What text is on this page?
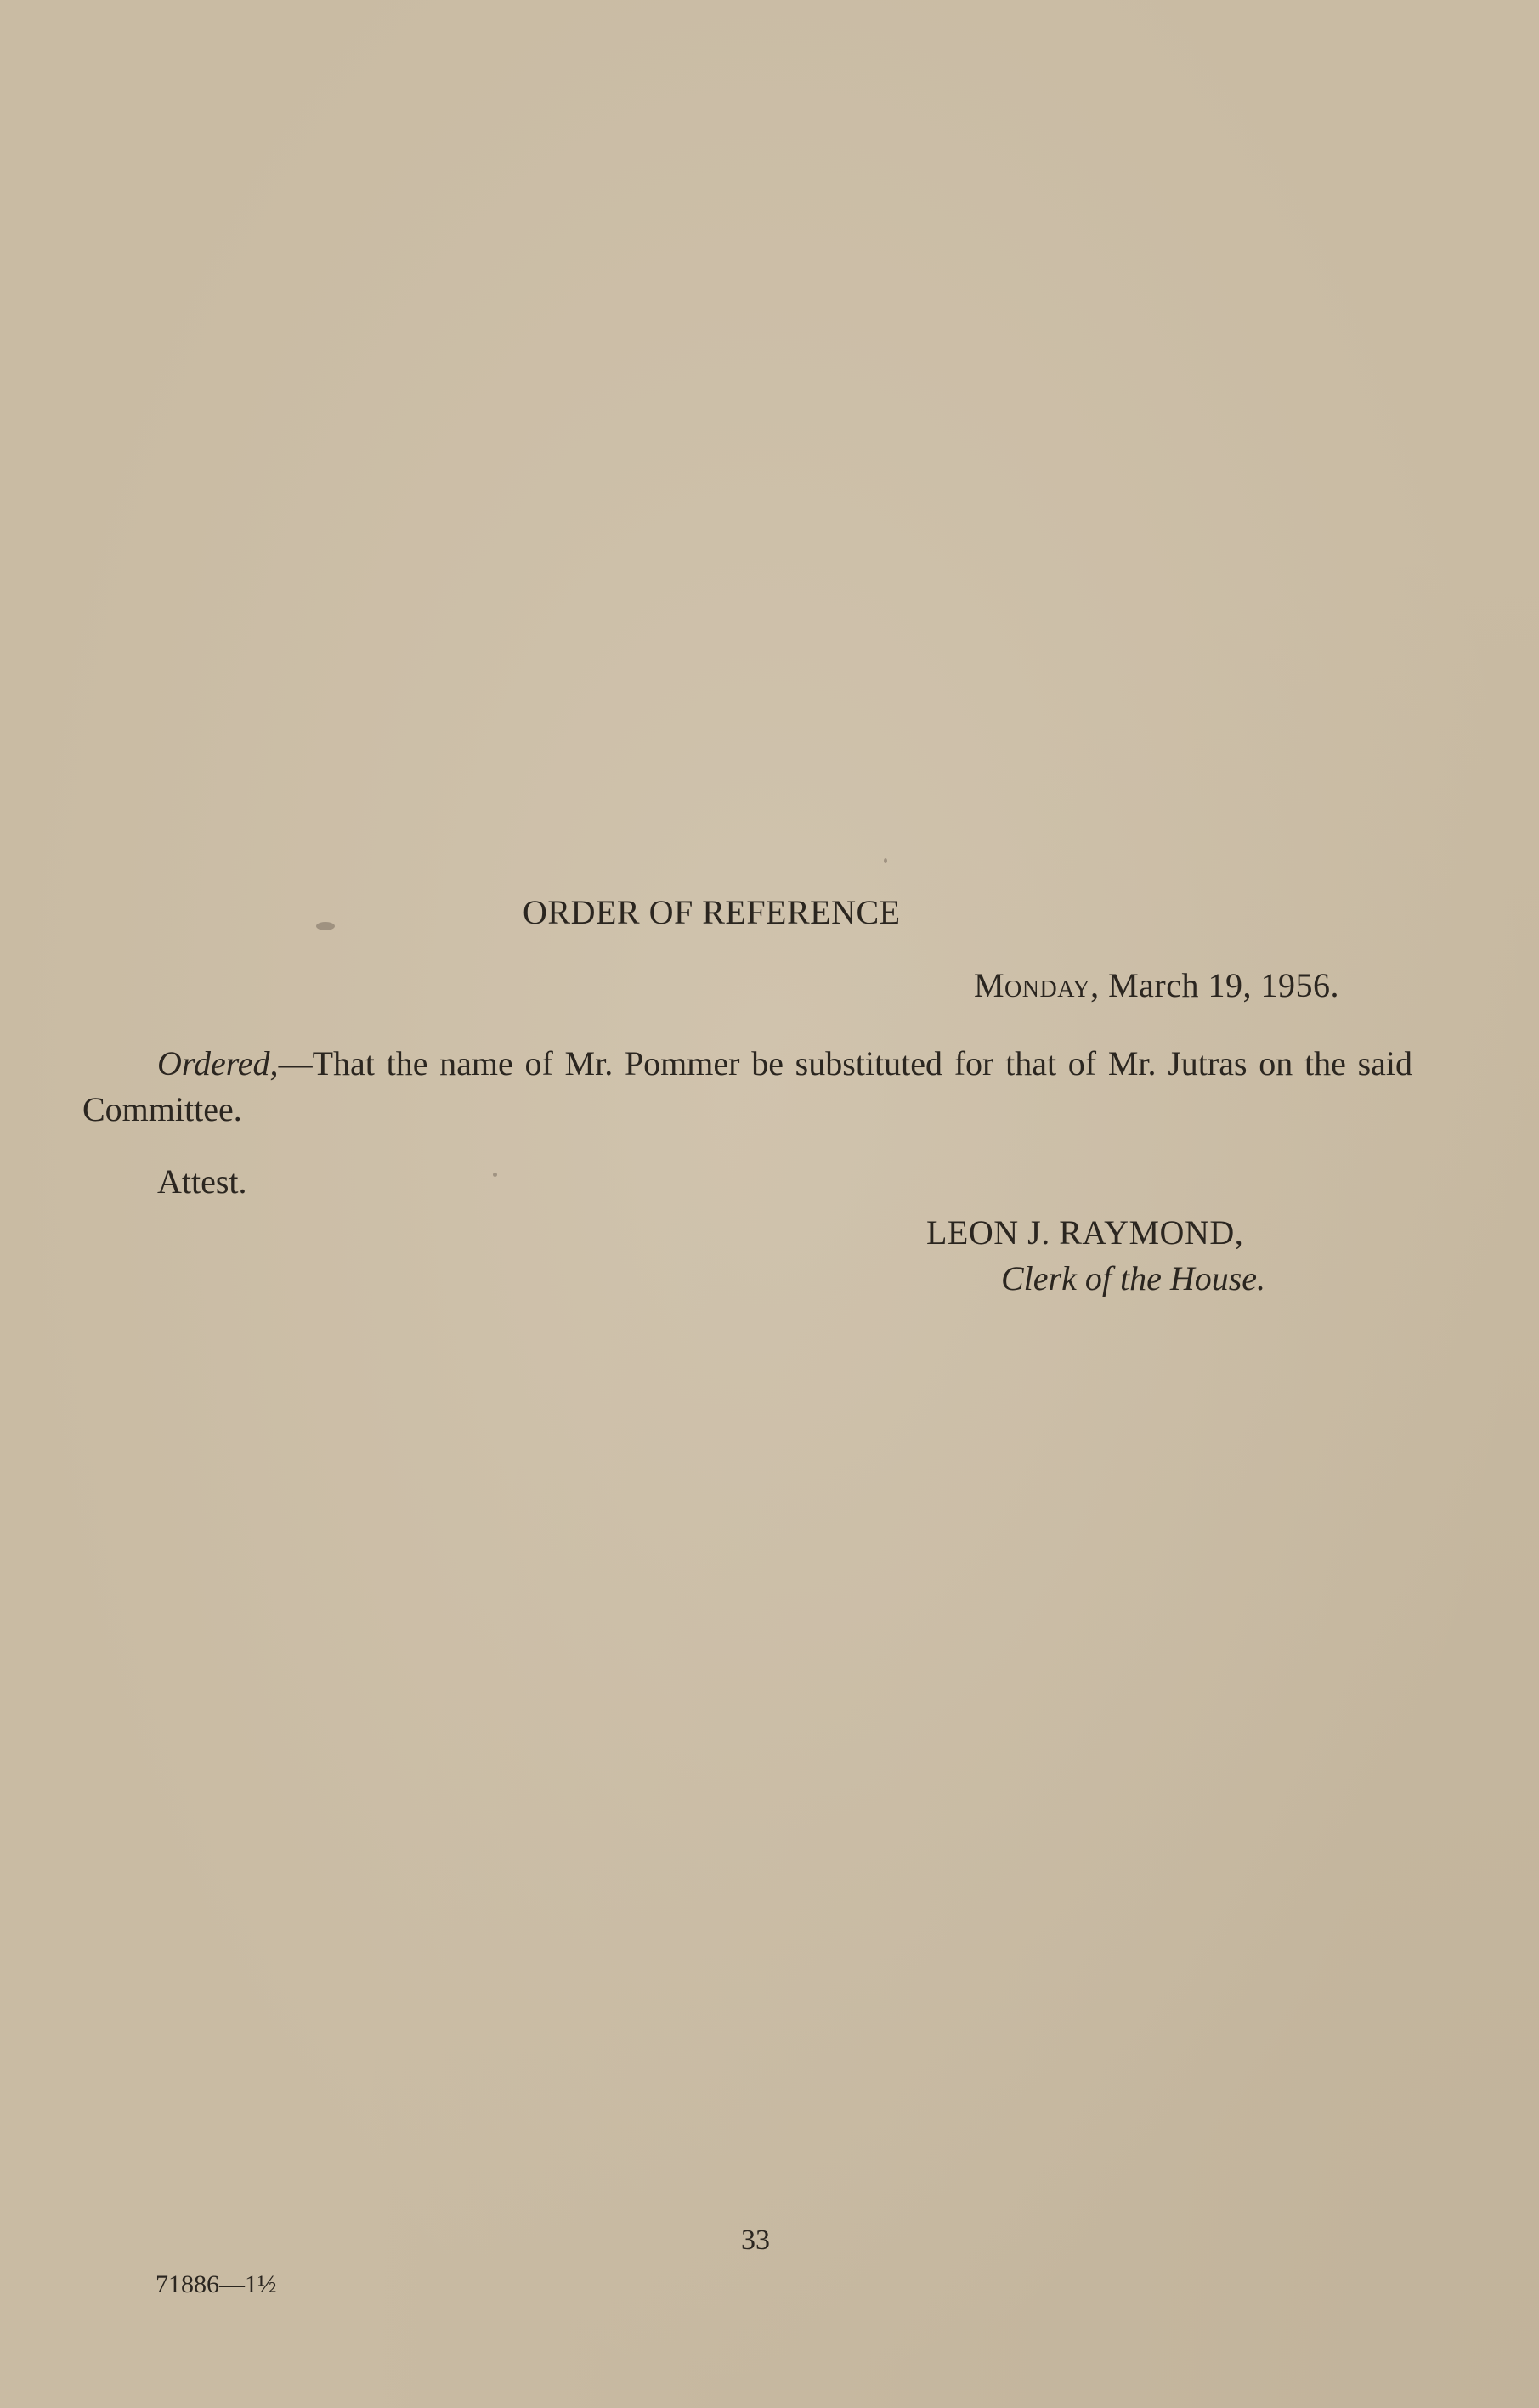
ORDER OF REFERENCE
Monday, March 19, 1956.

Ordered,—That the name of Mr. Pommer be substituted for that of Mr. Jutras on the said Committee.

Attest.
LEON J. RAYMOND,
Clerk of the House.
33
71886—1½
